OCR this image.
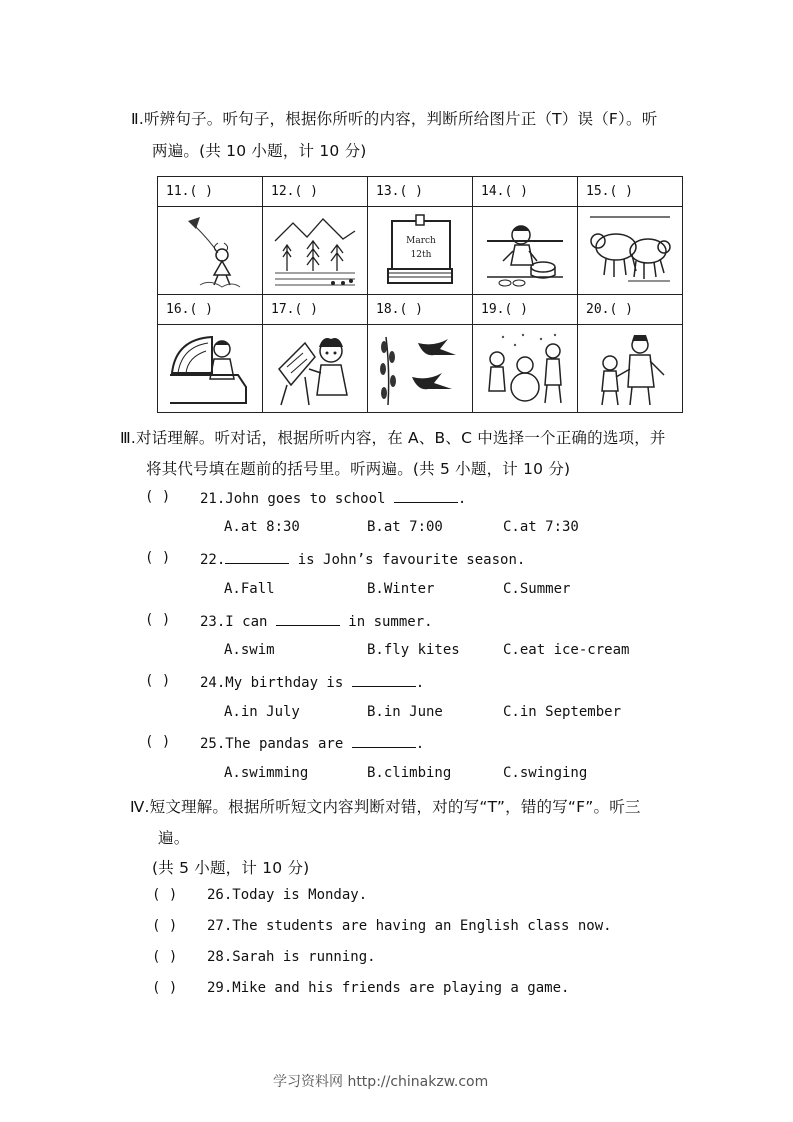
Ⅱ.听辨句子。听句子，根据你所听的内容，判断所给图片正（T）误（F）。听
两遍。(共 10 小题，计 10 分)
11.( )	12.( )	13.( )	14.( )	15.( )

March
12th

16.( )	17.( )	18.( )	19.( )	20.( )

Ⅲ.对话理解。听对话，根据所听内容，在 A、B、C 中选择一个正确的选项，并
将其代号填在题前的括号里。听两遍。(共 5 小题，计 10 分)
( ) 21.John goes to school	.
A.at 8:30	B.at 7:00	C.at 7:30
( ) 22.	is John’s favourite season.
A.Fall	B.Winter	C.Summer
( ) 23.I can	in summer.
A.swim	B.fly kites	C.eat ice-cream
( ) 24.My birthday is	.
A.in July	B.in June	C.in September
( ) 25.The pandas are	.
A.swimming	B.climbing	C.swinging
Ⅳ.短文理解。根据所听短文内容判断对错，对的写“T”，错的写“F”。听三
遍。
(共 5 小题，计 10 分)
( ) 26.Today is Monday.
( ) 27.The students are having an English class now.
( ) 28.Sarah is running.
( ) 29.Mike and his friends are playing a game.
学习资料网 http://chinakzw.com
